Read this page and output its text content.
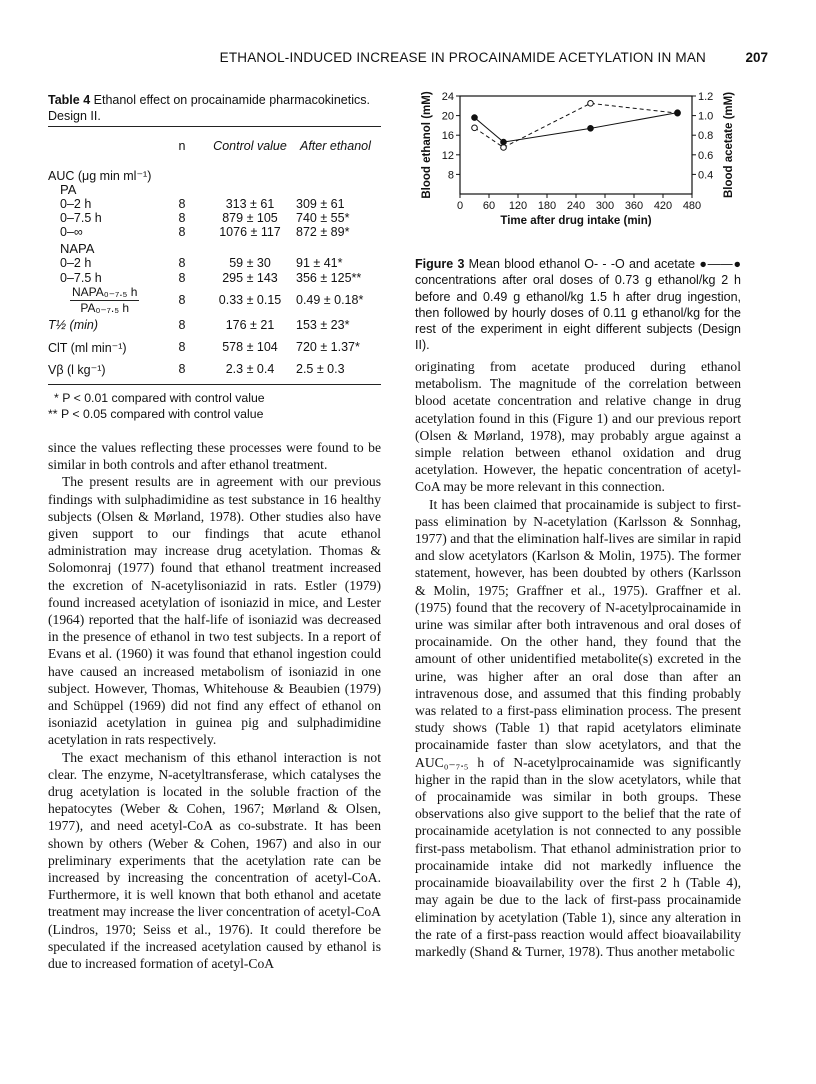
ETHANOL-INDUCED INCREASE IN PROCAINAMIDE ACETYLATION IN MAN	207
Table 4 Ethanol effect on procainamide pharmacokinetics. Design II.
n	Control value	After ethanol
AUC (μg min ml⁻¹)
PA
0–2 h	8	313 ± 61	309 ± 61
0–7.5 h	8	879 ± 105	740 ± 55*
0–∞	8	1076 ± 117	872 ± 89*
NAPA
0–2 h	8	59 ± 30	91 ± 41*
0–7.5 h	8	295 ± 143	356 ± 125**
$\frac{\text{NAPA₀₋₇.₅ h}}{\text{PA₀₋₇.₅ h}}$	8	0.33 ± 0.15	0.49 ± 0.18*
T½ (min)	8	176 ± 21	153 ± 23*
ClT (ml min⁻¹)	8	578 ± 104	720 ± 1.37*
Vβ (l kg⁻¹)	8	2.3 ± 0.4	2.5 ± 0.3
* P < 0.01 compared with control value
** P < 0.05 compared with control value

since the values reflecting these processes were found to be similar in both controls and after ethanol treatment.

The present results are in agreement with our previous findings with sulphadimidine as test substance in 16 healthy subjects (Olsen & Mørland, 1978). Other studies also have given support to our findings that acute ethanol administration may increase drug acetylation. Thomas & Solomonraj (1977) found that ethanol treatment increased the excretion of N-acetylisoniazid in rats. Estler (1979) found increased acetylation of isoniazid in mice, and Lester (1964) reported that the half-life of isoniazid was decreased in the presence of ethanol in two test subjects. In a report of Evans et al. (1960) it was found that ethanol ingestion could have caused an increased metabolism of isoniazid in one subject. However, Thomas, Whitehouse & Beaubien (1979) and Schüppel (1969) did not find any effect of ethanol on isoniazid acetylation in guinea pig and sulphadimidine acetylation in rats respectively.

The exact mechanism of this ethanol interaction is not clear. The enzyme, N-acetyltransferase, which catalyses the drug acetylation is located in the soluble fraction of the hepatocytes (Weber & Cohen, 1967; Mørland & Olsen, 1977), and need acetyl-CoA as co-substrate. It has been shown by others (Weber & Cohen, 1967) and also in our preliminary experiments that the acetylation rate can be increased by increasing the concentration of acetyl-CoA. Furthermore, it is well known that both ethanol and acetate treatment may increase the liver concentration of acetyl-CoA (Lindros, 1970; Seiss et al., 1976). It could therefore be speculated if the increased acetylation caused by ethanol is due to increased formation of acetyl-CoA

0 60 120 180 240 300 360 420 480
8
12
16
20
24
0.4
0.6
0.8
1.0
1.2
Time after drug intake (min)
Blood ethanol (mM)	Blood acetate (mM)
Figure 3 Mean blood ethanol O- - -O and acetate ●——● concentrations after oral doses of 0.73 g ethanol/kg 2 h before and 0.49 g ethanol/kg 1.5 h after drug ingestion, then followed by hourly doses of 0.11 g ethanol/kg for the rest of the experiment in eight different subjects (Design II).

originating from acetate produced during ethanol metabolism. The magnitude of the correlation between blood acetate concentration and relative change in drug acetylation found in this (Figure 1) and our previous report (Olsen & Mørland, 1978), may probably argue against a simple relation between ethanol oxidation and drug acetylation. However, the hepatic concentration of acetyl-CoA may be more relevant in this connection.

It has been claimed that procainamide is subject to first-pass elimination by N-acetylation (Karlsson & Sonnhag, 1977) and that the elimination half-lives are similar in rapid and slow acetylators (Karlson & Molin, 1975). The former statement, however, has been doubted by others (Karlsson & Molin, 1975; Graffner et al., 1975). Graffner et al. (1975) found that the recovery of N-acetylprocainamide in urine was similar after both intravenous and oral doses of procainamide. On the other hand, they found that the amount of other unidentified metabolite(s) excreted in the urine, was higher after an oral dose than after an intravenous dose, and assumed that this finding probably was related to a first-pass elimination process. The present study shows (Table 1) that rapid acetylators eliminate procainamide faster than slow acetylators, and that the AUC₀₋₇.₅ h of N-acetylprocainamide was significantly higher in the rapid than in the slow acetylators, while that of procainamide was similar in both groups. These observations also give support to the belief that the rate of procainamide acetylation is not connected to any possible first-pass metabolism. That ethanol administration prior to procainamide intake did not markedly influence the procainamide bioavailability over the first 2 h (Table 4), may again be due to the lack of first-pass procainamide elimination by acetylation (Table 1), since any alteration in the rate of a first-pass reaction would affect bioavailability markedly (Shand & Turner, 1978). Thus another metabolic
